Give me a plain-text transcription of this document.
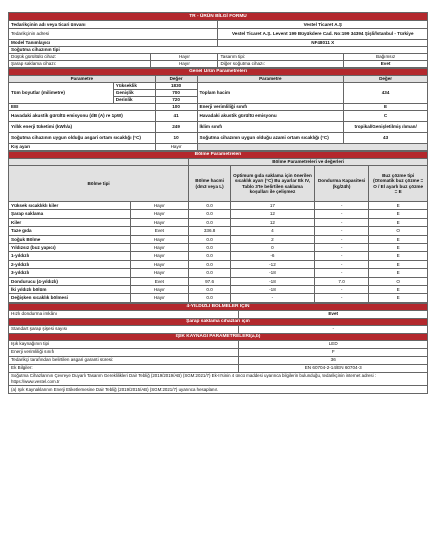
TR - ÜRÜN BİLGİ FORMU			
Tedarikçinin adı veya ticari ünvanı		Vestel Ticaret A.Ş	
Tedarikçinin adresi		Vestel Ticaret A.Ş. Levent 199 Büyükdere Cad. No:199 34394 Şişli/İstanbul - Türkiye	
Model Tanımlayıcı		NF48011 X	
Soğutma cihazının tipi			
Düşük gürültülü cihaz:	Hayır	Tasarım tipi:	Bağımsız
Şarap saklama cihazı:	Hayır	Diğer soğutma cihazı:	Evet
Genel Ürün Parametreleri				
Parametre		Değer	Parametre	Değer
Tüm boyutlar (milimetre)	Yükseklik	1830	Toplam hacim	434
	Genişlik	700		
	Derinlik	720		
EEI		100	Enerji verimliliği sınıfı	E
Havadaki akustik gürültü emisyonu (dB (A) re 1pW)		41	Havadaki akustik gürültü emisyonu	C
Yıllık enerji tüketimi (kWh/a)		249	İklim sınıfı	tropikal/Genişletilmiş ılıman/
Soğutma cihazının uygun olduğu asgari ortam sıcaklığı (°C)		10	Soğutma cihazının uygun olduğu azami ortam sıcaklığı (°C)	43
Kış ayarı		Hayır		
Bölme Parametreleri					
		Bölme Parametreleri ve değerleri			
Bölme tipi		Bölme hacmi (dm3 veya L)	Optimum gıda saklama için önerilen sıcaklık ayarı (°C) Bu ayarlar Ek IV, Tablo 3'te belirtilen saklama koşulları ile çelişmez	Dondurma Kapasitesi (kg/24h)	Buz çözme tipi (Otomatik buz çözme = O / El ayarlı buz çözme = E
Yüksek sıcaklıklı kiler	Hayır	0.0	17	-	E
Şarap saklama	Hayır	0.0	12	-	E
Kiler	Hayır	0.0	12	-	E
Taze gıda	Evet	336.8	4	-	O
Soğuk Bölme	Hayır	0.0	2	-	E
Yıldızsız (buz yapıcı)	Hayır	0.0	0	-	E
1-yıldızlı	Hayır	0.0	-6	-	E
2-yıldızlı	Hayır	0.0	-12	-	E
3-yıldızlı	Hayır	0.0	-18	-	E
Dondurucu (4-yıldızlı)	Evet	97.6	-18	7.0	O
İki yıldızlı bölüm	Hayır	0.0	-18	-	E
Değişken sıcaklık bölmesi	Hayır	0.0	-	-	E
4-YILDIZLI BÖLMELER İÇİN	
Hızlı dondurma imkânı	Evet
Şarap saklama cihazları için	
Standart şarap şişesi sayısı	-
IŞIK KAYNAĞI PARAMETRELERİ(a,b)	
Işık kaynağının tipi	LED
Enerji verimliliği sınıfı	F
Tedarikçi tarafından belirtilen asgari garanti süresi:	36
Ek Bilgiler:	EN 60704-2-14/EN 60704-3
Soğutma Cihazlarının Çevreye Duyarlı Tasarım Gereklilikleri Dair Tebliğ (2019/2019/AB) (SGM:2021/7) Ek-II'sinin 4 üncü maddesi uyarınca bilgilerin bulunduğu, tedarikçinin internet adresi : https://www.vestel.com.tr	
(a) Işık Kaynaklarının Enerji Etiketlemesine Dair Tebliğ (2019/2015/AB) (SGM:2021/7) uyarınca hesaplanır.	
